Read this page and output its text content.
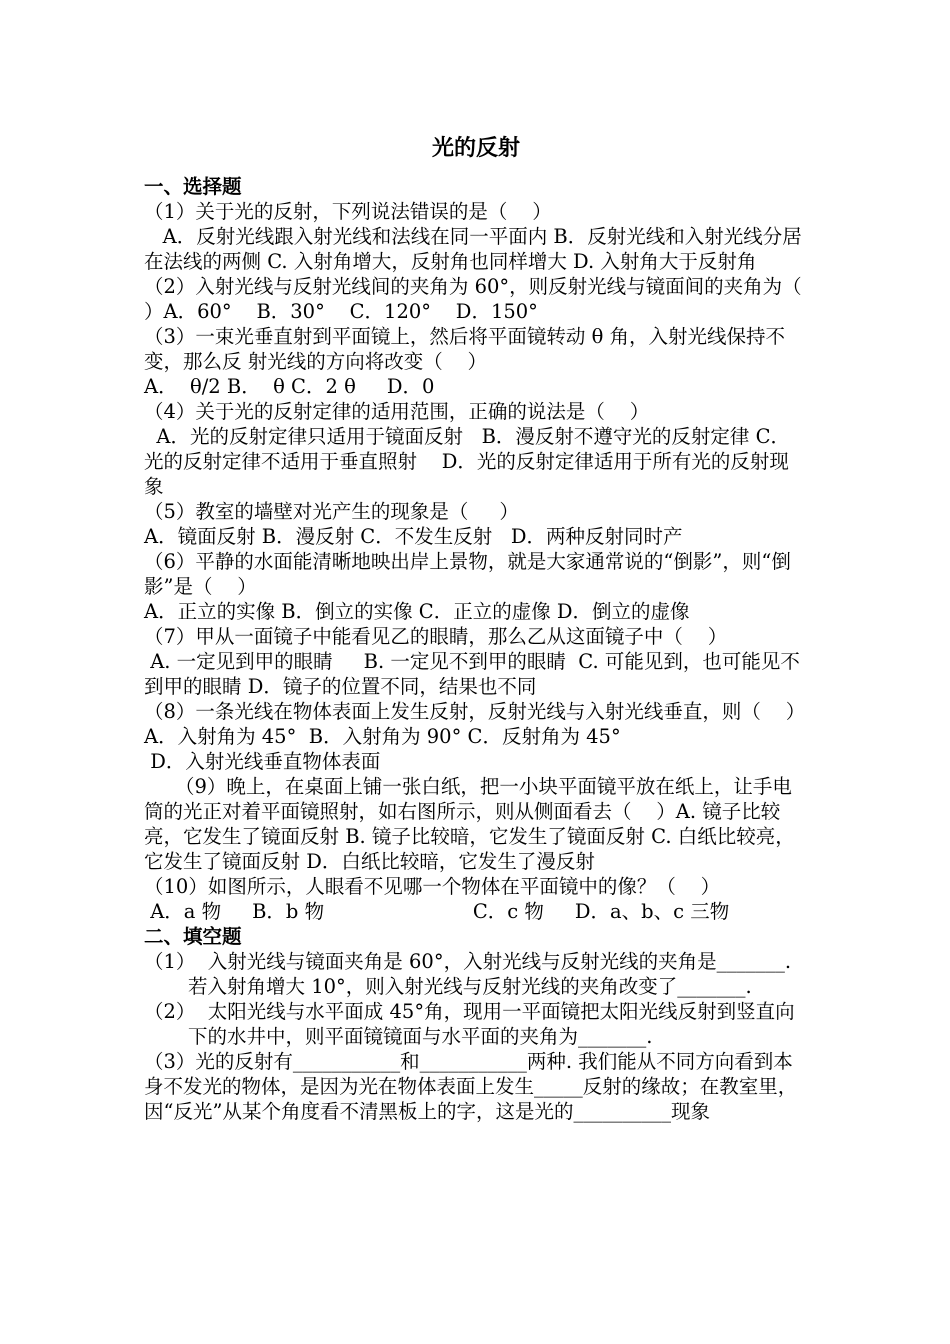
光的反射
一、选择题

（1）关于光的反射，下列说法错误的是（    ）

A．反射光线跟入射光线和法线在同一平面内 B．反射光线和入射光线分居在法线的两侧 C. 入射角增大，反射角也同样增大 D. 入射角大于反射角

（2）入射光线与反射光线间的夹角为 60°，则反射光线与镜面间的夹角为（    ）A．60°    B．30°    C．120°    D．150°

（3）一束光垂直射到平面镜上，然后将平面镜转动 θ 角，入射光线保持不变，那么反 射光线的方向将改变（    ）

A．  θ/2 B．  θ C．2 θ     D．0

（4）关于光的反射定律的适用范围，正确的说法是（    ）

A．光的反射定律只适用于镜面反射   B．漫反射不遵守光的反射定律 C．光的反射定律不适用于垂直照射    D．光的反射定律适用于所有光的反射现象

（5）教室的墙壁对光产生的现象是（     ）

A．镜面反射 B．漫反射 C．不发生反射   D．两种反射同时产

（6）平静的水面能清晰地映出岸上景物，就是大家通常说的“倒影”，则“倒影”是（    ）

A．正立的实像 B．倒立的实像 C．正立的虚像 D．倒立的虚像

（7）甲从一面镜子中能看见乙的眼睛，那么乙从这面镜子中（    ）

A. 一定见到甲的眼睛     B. 一定见不到甲的眼睛  C. 可能见到，也可能见不到甲的眼睛 D．镜子的位置不同，结果也不同

（8）一条光线在物体表面上发生反射，反射光线与入射光线垂直，则（    ）A．入射角为 45°  B．入射角为 90° C．反射角为 45°

D．入射光线垂直物体表面

（9）晚上，在桌面上铺一张白纸，把一小块平面镜平放在纸上，让手电筒的光正对着平面镜照射，如右图所示，则从侧面看去（    ）A. 镜子比较亮，它发生了镜面反射 B. 镜子比较暗，它发生了镜面反射 C. 白纸比较亮，它发生了镜面反射 D．白纸比较暗，它发生了漫反射

（10）如图所示，人眼看不见哪一个物体在平面镜中的像？（    ）

A．a 物     B．b 物                        C．c 物     D．a、b、c 三物

二、填空题

（1）  入射光线与镜面夹角是 60°，入射光线与反射光线的夹角是_______. 若入射角增大 10°，则入射光线与反射光线的夹角改变了_______.

（2）  太阳光线与水平面成 45°角，现用一平面镜把太阳光线反射到竖直向下的水井中，则平面镜镜面与水平面的夹角为_______.

（3）光的反射有___________和___________两种. 我们能从不同方向看到本身不发光的物体，是因为光在物体表面上发生_____反射的缘故；在教室里，因“反光”从某个角度看不清黑板上的字，这是光的__________现象
